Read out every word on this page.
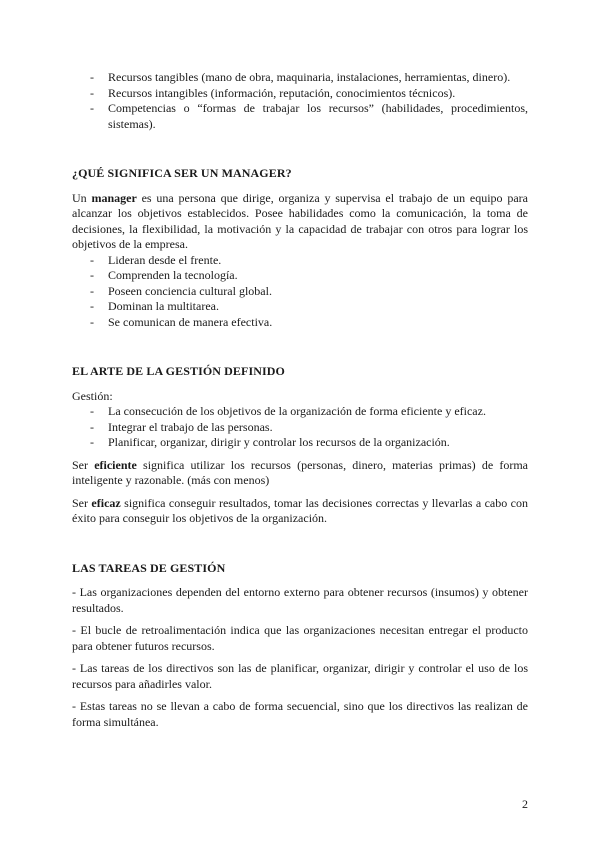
- Recursos tangibles (mano de obra, maquinaria, instalaciones, herramientas, dinero).
- Recursos intangibles (información, reputación, conocimientos técnicos).
- Competencias o “formas de trabajar los recursos” (habilidades, procedimientos, sistemas).
¿QUÉ SIGNIFICA SER UN MANAGER?

Un manager es una persona que dirige, organiza y supervisa el trabajo de un equipo para alcanzar los objetivos establecidos. Posee habilidades como la comunicación, la toma de decisiones, la flexibilidad, la motivación y la capacidad de trabajar con otros para lograr los objetivos de la empresa.

- Lideran desde el frente.
- Comprenden la tecnología.
- Poseen conciencia cultural global.
- Dominan la multitarea.
- Se comunican de manera efectiva.
EL ARTE DE LA GESTIÓN DEFINIDO

Gestión:

- La consecución de los objetivos de la organización de forma eficiente y eficaz.
- Integrar el trabajo de las personas.
- Planificar, organizar, dirigir y controlar los recursos de la organización.

Ser eficiente significa utilizar los recursos (personas, dinero, materias primas) de forma inteligente y razonable. (más con menos)

Ser eficaz significa conseguir resultados, tomar las decisiones correctas y llevarlas a cabo con éxito para conseguir los objetivos de la organización.

LAS TAREAS DE GESTIÓN

- Las organizaciones dependen del entorno externo para obtener recursos (insumos) y obtener resultados.

- El bucle de retroalimentación indica que las organizaciones necesitan entregar el producto para obtener futuros recursos.

- Las tareas de los directivos son las de planificar, organizar, dirigir y controlar el uso de los recursos para añadirles valor.

- Estas tareas no se llevan a cabo de forma secuencial, sino que los directivos las realizan de forma simultánea.

2
